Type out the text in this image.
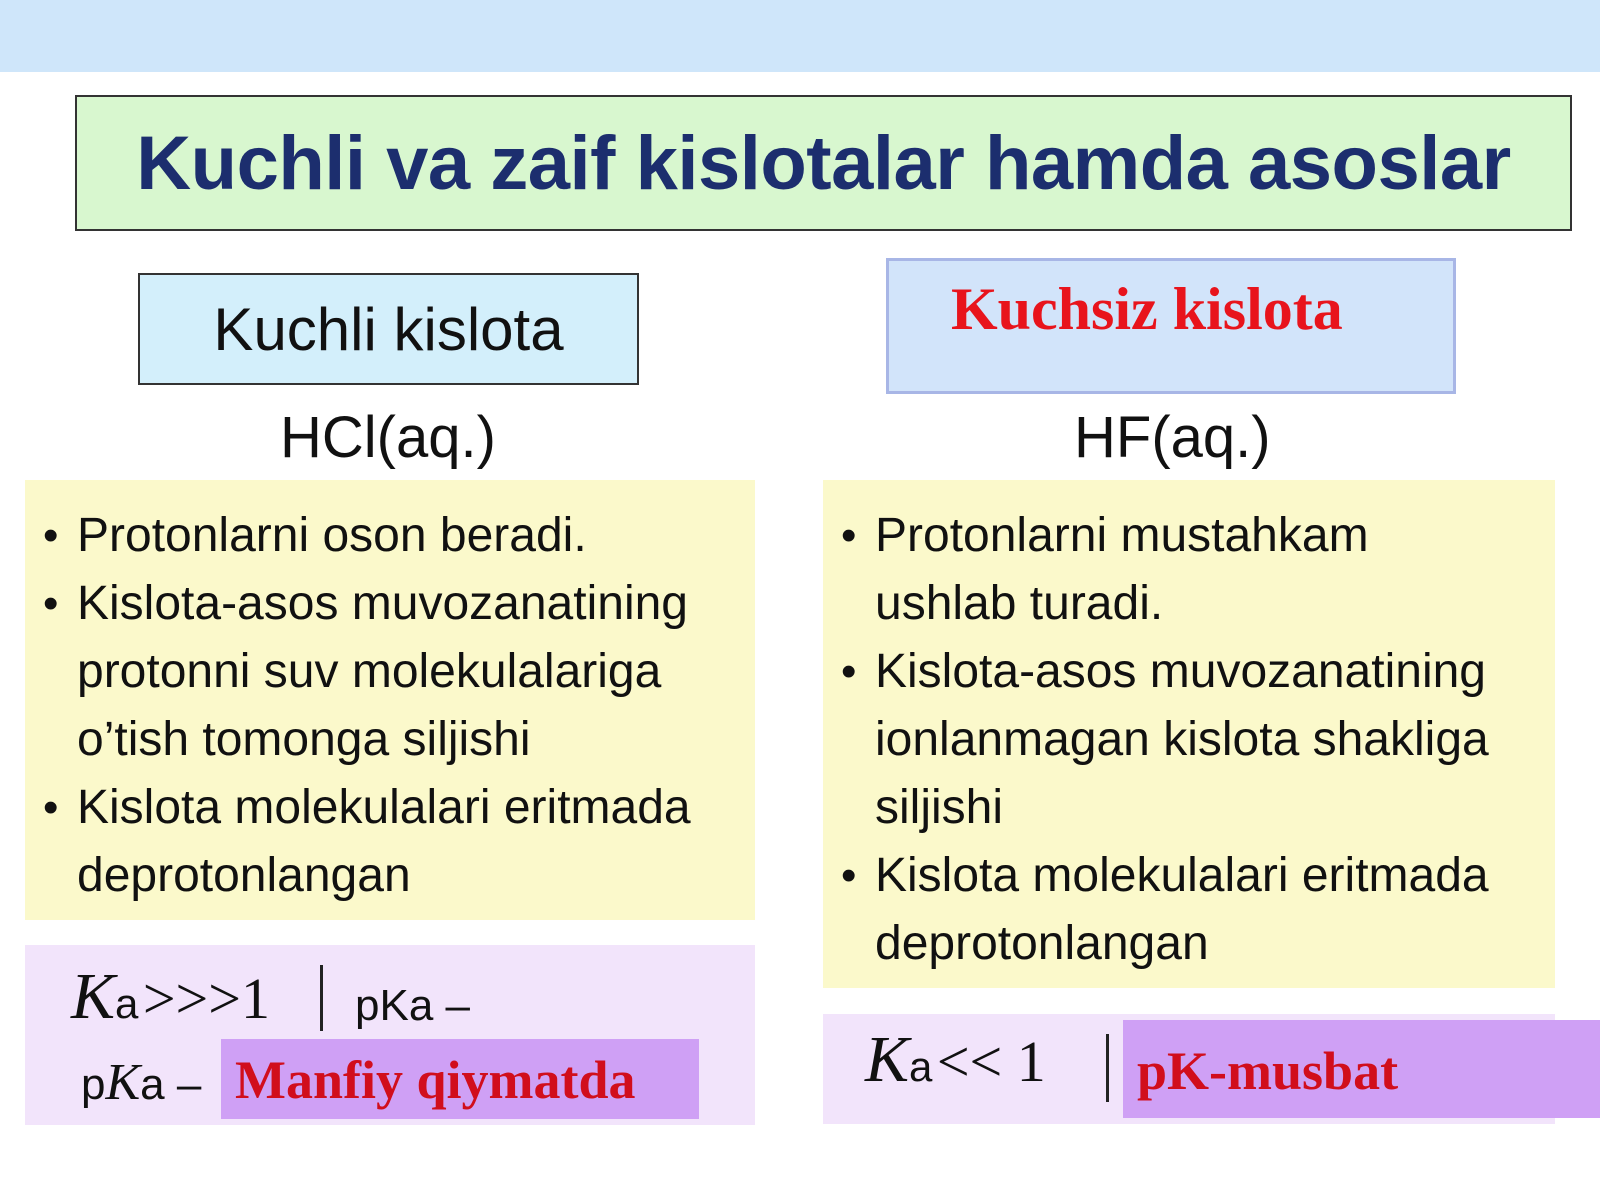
Kuchli va zaif kislotalar hamda asoslar
Kuchli kislota
HCl(aq.)
• Protonlarni oson beradi.
• Kislota-asos muvozanatining protonni suv molekulalariga o’tish tomonga siljishi
• Kislota molekulalari eritmada deprotonlangan
Ka >>>1 pKa –
pKa – Manfiy qiymatda
Kuchsiz kislota
HF(aq.)
• Protonlarni mustahkam ushlab turadi.
• Kislota-asos muvozanatining ionlanmagan kislota shakliga siljishi
• Kislota molekulalari eritmada deprotonlangan
Ka << 1 pK-musbat
